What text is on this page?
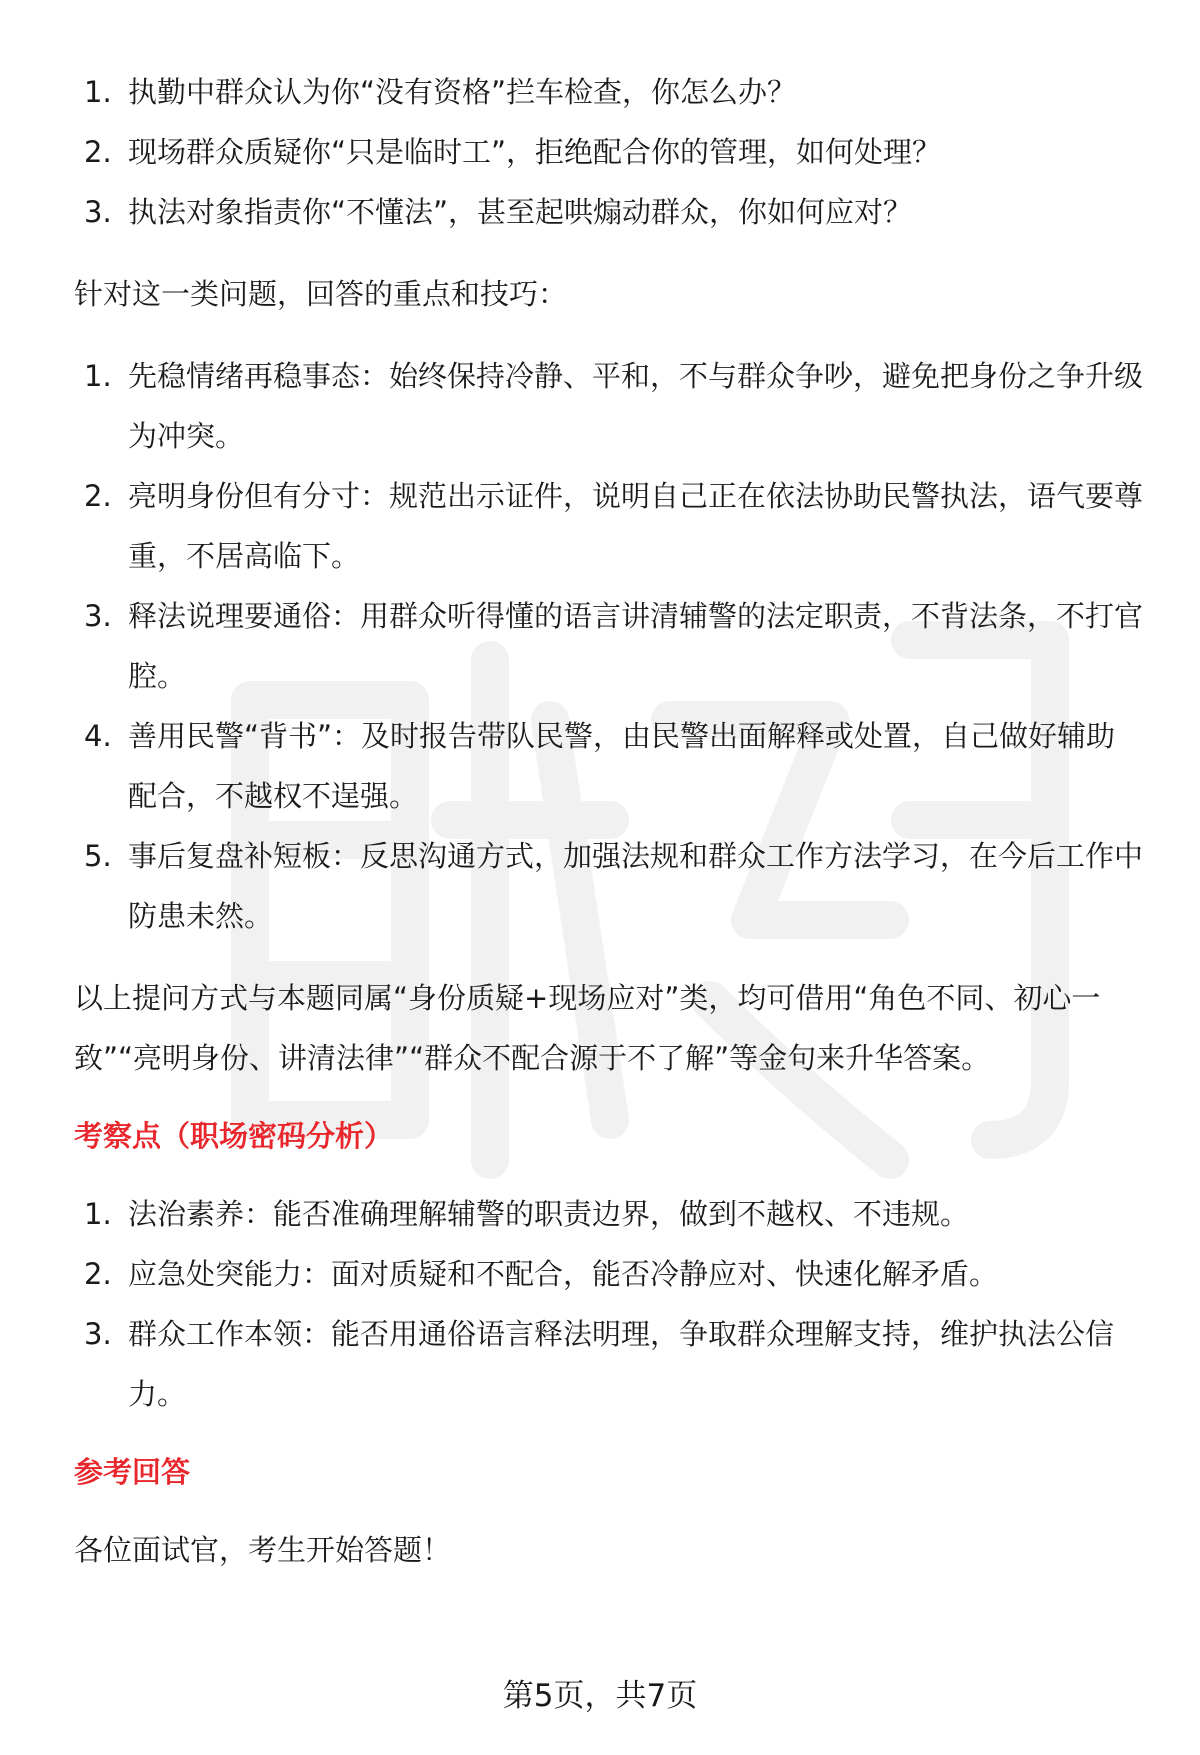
1. 执勤中群众认为你“没有资格”拦车检查，你怎么办？
2. 现场群众质疑你“只是临时工”，拒绝配合你的管理，如何处理？
3. 执法对象指责你“不懂法”，甚至起哄煽动群众，你如何应对？

针对这一类问题，回答的重点和技巧：

1. 先稳情绪再稳事态：始终保持冷静、平和，不与群众争吵，避免把身份之争升级为冲突。
2. 亮明身份但有分寸：规范出示证件，说明自己正在依法协助民警执法，语气要尊重，不居高临下。
3. 释法说理要通俗：用群众听得懂的语言讲清辅警的法定职责，不背法条，不打官腔。
4. 善用民警“背书”：及时报告带队民警，由民警出面解释或处置，自己做好辅助配合，不越权不逞强。
5. 事后复盘补短板：反思沟通方式，加强法规和群众工作方法学习，在今后工作中防患未然。

以上提问方式与本题同属“身份质疑+现场应对”类，均可借用“角色不同、初心一致”“亮明身份、讲清法律”“群众不配合源于不了解”等金句来升华答案。

考察点（职场密码分析）

1. 法治素养：能否准确理解辅警的职责边界，做到不越权、不违规。
2. 应急处突能力：面对质疑和不配合，能否冷静应对、快速化解矛盾。
3. 群众工作本领：能否用通俗语言释法明理，争取群众理解支持，维护执法公信力。

参考回答

各位面试官，考生开始答题！

第5页，共7页
